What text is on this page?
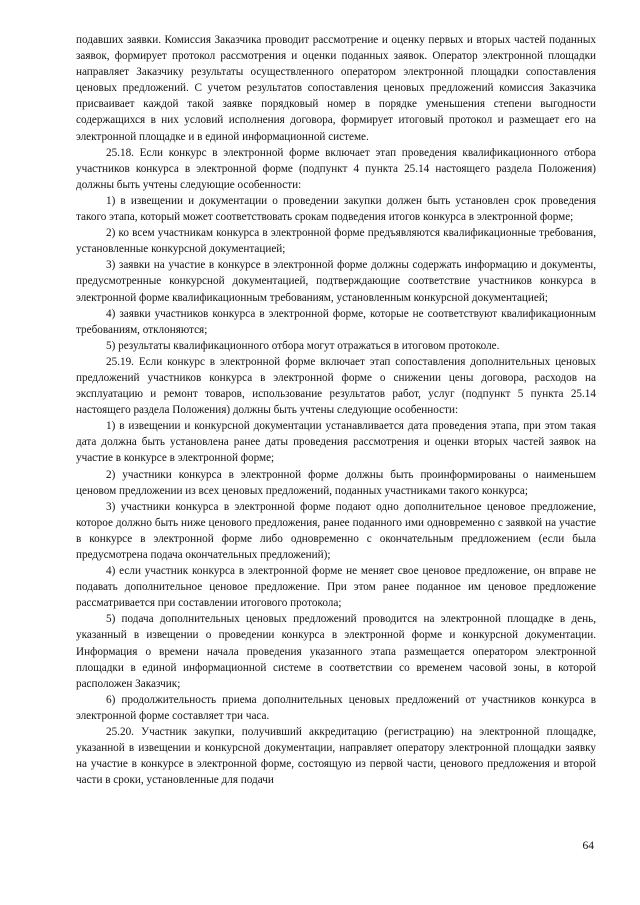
подавших заявки. Комиссия Заказчика проводит рассмотрение и оценку первых и вторых частей поданных заявок, формирует протокол рассмотрения и оценки поданных заявок. Оператор электронной площадки направляет Заказчику результаты осуществленного оператором электронной площадки сопоставления ценовых предложений. С учетом результатов сопоставления ценовых предложений комиссия Заказчика присваивает каждой такой заявке порядковый номер в порядке уменьшения степени выгодности содержащихся в них условий исполнения договора, формирует итоговый протокол и размещает его на электронной площадке и в единой информационной системе.

25.18. Если конкурс в электронной форме включает этап проведения квалификационного отбора участников конкурса в электронной форме (подпункт 4 пункта 25.14 настоящего раздела Положения) должны быть учтены следующие особенности:

1) в извещении и документации о проведении закупки должен быть установлен срок проведения такого этапа, который может соответствовать срокам подведения итогов конкурса в электронной форме;

2) ко всем участникам конкурса в электронной форме предъявляются квалификационные требования, установленные конкурсной документацией;

3) заявки на участие в конкурсе в электронной форме должны содержать информацию и документы, предусмотренные конкурсной документацией, подтверждающие соответствие участников конкурса в электронной форме квалификационным требованиям, установленным конкурсной документацией;

4) заявки участников конкурса в электронной форме, которые не соответствуют квалификационным требованиям, отклоняются;

5) результаты квалификационного отбора могут отражаться в итоговом протоколе.

25.19. Если конкурс в электронной форме включает этап сопоставления дополнительных ценовых предложений участников конкурса в электронной форме о снижении цены договора, расходов на эксплуатацию и ремонт товаров, использование результатов работ, услуг (подпункт 5 пункта 25.14 настоящего раздела Положения) должны быть учтены следующие особенности:

1) в извещении и конкурсной документации устанавливается дата проведения этапа, при этом такая дата должна быть установлена ранее даты проведения рассмотрения и оценки вторых частей заявок на участие в конкурсе в электронной форме;

2) участники конкурса в электронной форме должны быть проинформированы о наименьшем ценовом предложении из всех ценовых предложений, поданных участниками такого конкурса;

3) участники конкурса в электронной форме подают одно дополнительное ценовое предложение, которое должно быть ниже ценового предложения, ранее поданного ими одновременно с заявкой на участие в конкурсе в электронной форме либо одновременно с окончательным предложением (если была предусмотрена подача окончательных предложений);

4) если участник конкурса в электронной форме не меняет свое ценовое предложение, он вправе не подавать дополнительное ценовое предложение. При этом ранее поданное им ценовое предложение рассматривается при составлении итогового протокола;

5) подача дополнительных ценовых предложений проводится на электронной площадке в день, указанный в извещении о проведении конкурса в электронной форме и конкурсной документации. Информация о времени начала проведения указанного этапа размещается оператором электронной площадки в единой информационной системе в соответствии со временем часовой зоны, в которой расположен Заказчик;

6) продолжительность приема дополнительных ценовых предложений от участников конкурса в электронной форме составляет три часа.

25.20. Участник закупки, получивший аккредитацию (регистрацию) на электронной площадке, указанной в извещении и конкурсной документации, направляет оператору электронной площадки заявку на участие в конкурсе в электронной форме, состоящую из первой части, ценового предложения и второй части в сроки, установленные для подачи

64
